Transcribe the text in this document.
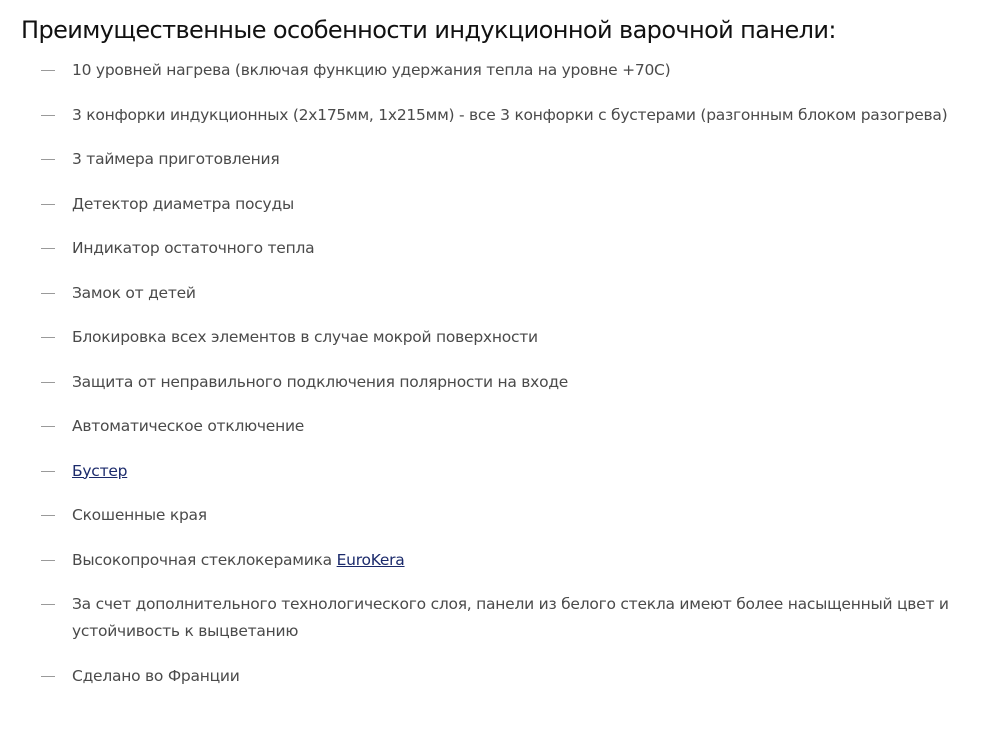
Преимущественные особенности индукционной варочной панели:
10 уровней нагрева (включая функцию удержания тепла на уровне +70С)
3 конфорки индукционных (2х175мм, 1х215мм) - все 3 конфорки с бустерами (разгонным блоком разогрева)
3 таймера приготовления
Детектор диаметра посуды
Индикатор остаточного тепла
Замок от детей
Блокировка всех элементов в случае мокрой поверхности
Защита от неправильного подключения полярности на входе
Автоматическое отключение
Бустер
Скошенные края
Высокопрочная стеклокерамика EuroKera
За счет дополнительного технологического слоя, панели из белого стекла имеют более насыщенный цвет и устойчивость к выцветанию
Сделано во Франции
